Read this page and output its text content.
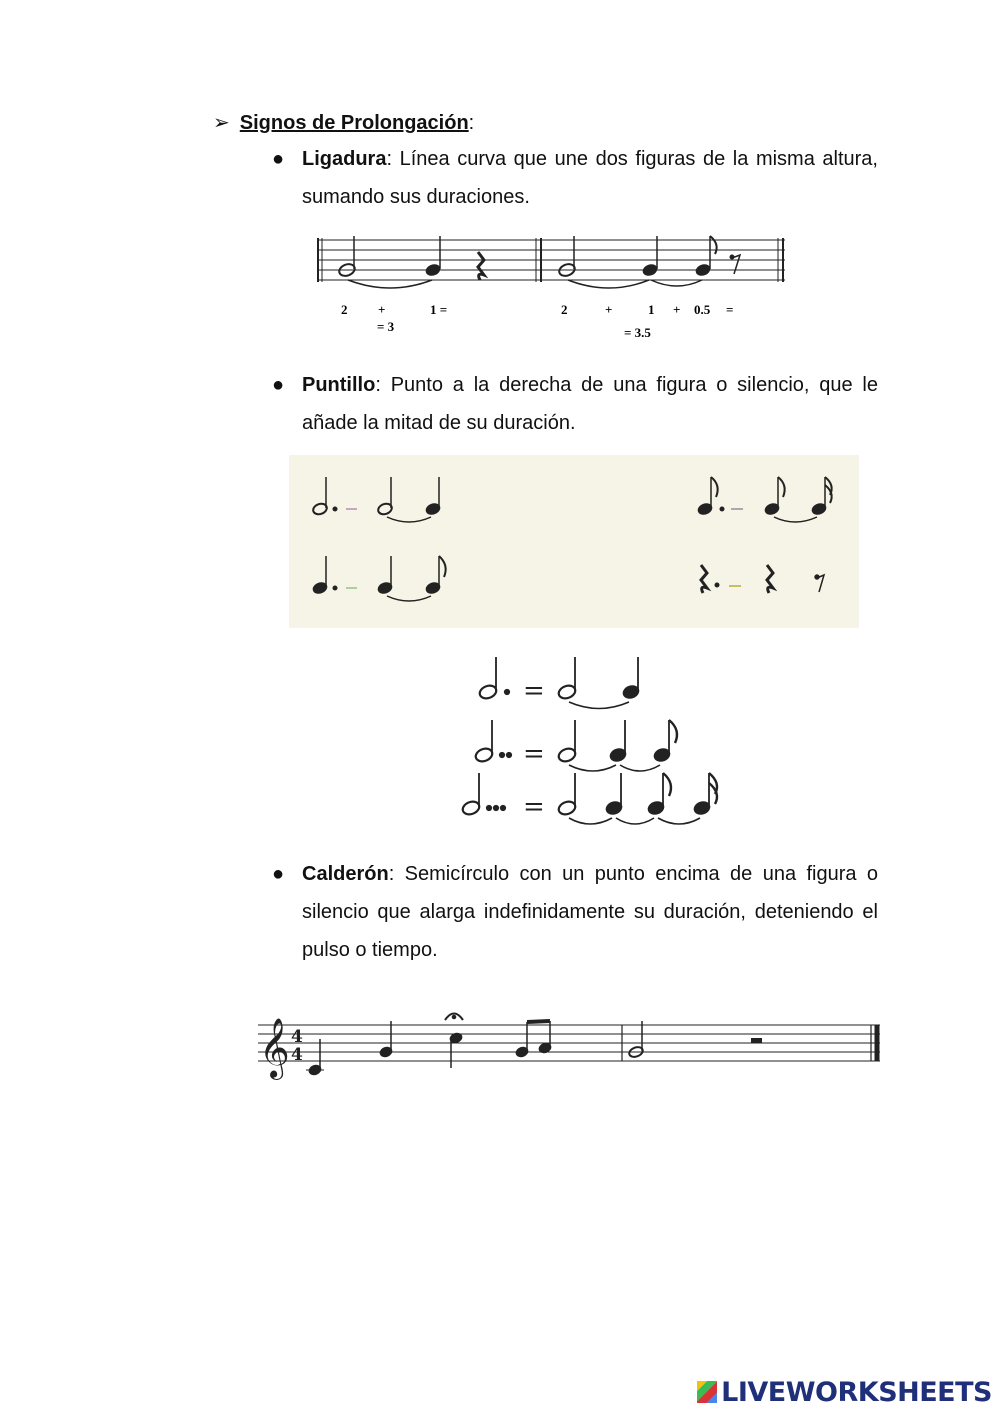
➢ Signos de Prolongación:
● Ligadura: Línea curva que une dos figuras de la misma altura, sumando sus duraciones.
2 +	1 =
= 3
2	+	1 + 0.5 =
= 3.5
● Puntillo: Punto a la derecha de una figura o silencio, que le añade la mitad de su duración.
=
=
=
● Calderón: Semicírculo con un punto encima de una figura o silencio que alarga indefinidamente su duración, deteniendo el pulso o tiempo.
𝄞 4
4
LIVEWORKSHEETS
